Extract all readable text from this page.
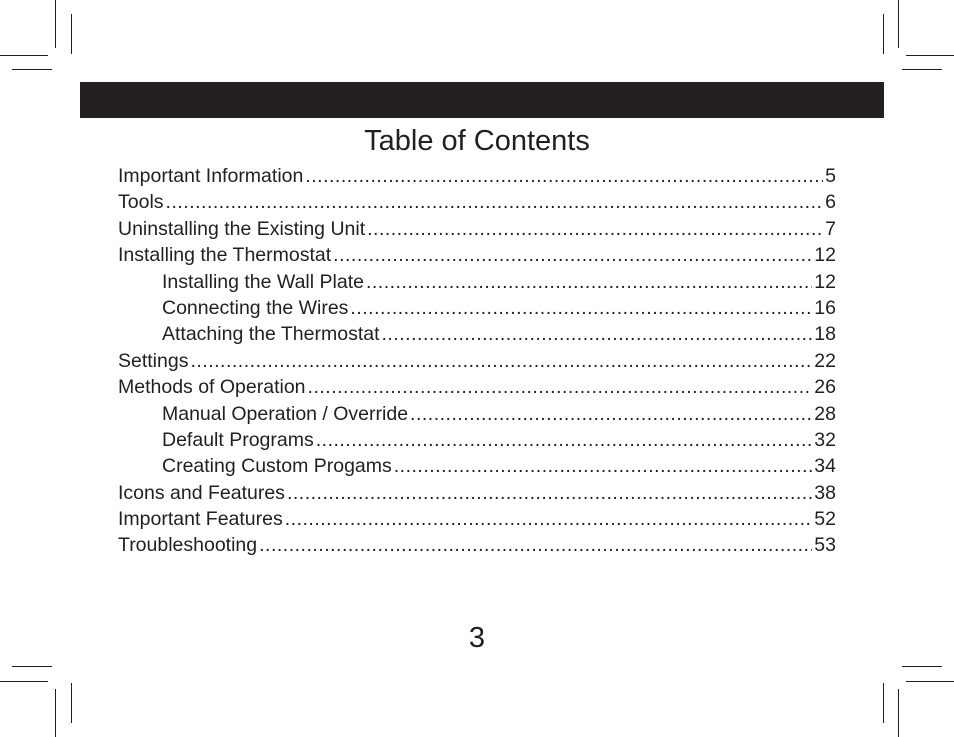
Table of Contents
Important Information .....	5
Tools .....	6
Uninstalling the Existing Unit .....	7
Installing the Thermostat .....	12
Installing the Wall Plate .....	12
Connecting the Wires .....	16
Attaching the Thermostat .....	18
Settings .....	22
Methods of Operation .....	26
Manual Operation / Override .....	28
Default Programs .....	32
Creating Custom Progams .....	34
Icons and Features .....	38
Important Features .....	52
Troubleshooting .....	53
3
